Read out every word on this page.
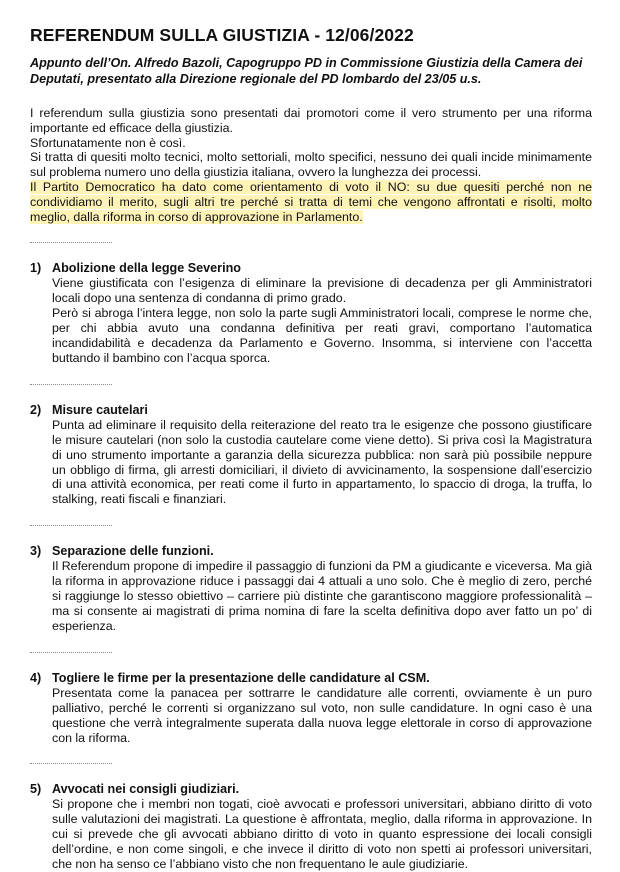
REFERENDUM SULLA GIUSTIZIA - 12/06/2022
Appunto dell’On. Alfredo Bazoli, Capogruppo PD in Commissione Giustizia della Camera dei Deputati, presentato alla Direzione regionale del PD lombardo del 23/05 u.s.

I referendum sulla giustizia sono presentati dai promotori come il vero strumento per una riforma importante ed efficace della giustizia.

Sfortunatamente non è così.

Si tratta di quesiti molto tecnici, molto settoriali, molto specifici, nessuno dei quali incide minimamente sul problema numero uno della giustizia italiana, ovvero la lunghezza dei processi.

Il Partito Democratico ha dato come orientamento di voto il NO: su due quesiti perché non ne condividiamo il merito, sugli altri tre perché si tratta di temi che vengono affrontati e risolti, molto meglio, dalla riforma in corso di approvazione in Parlamento.

1) Abolizione della legge Severino

Viene giustificata con l’esigenza di eliminare la previsione di decadenza per gli Amministratori locali dopo una sentenza di condanna di primo grado.

Però si abroga l’intera legge, non solo la parte sugli Amministratori locali, comprese le norme che, per chi abbia avuto una condanna definitiva per reati gravi, comportano l’automatica incandidabilità e decadenza da Parlamento e Governo. Insomma, si interviene con l’accetta buttando il bambino con l’acqua sporca.

2) Misure cautelari

Punta ad eliminare il requisito della reiterazione del reato tra le esigenze che possono giustificare le misure cautelari (non solo la custodia cautelare come viene detto). Si priva così la Magistratura di uno strumento importante a garanzia della sicurezza pubblica: non sarà più possibile neppure un obbligo di firma, gli arresti domiciliari, il divieto di avvicinamento, la sospensione dall’esercizio di una attività economica, per reati come il furto in appartamento, lo spaccio di droga, la truffa, lo stalking, reati fiscali e finanziari.

3) Separazione delle funzioni.

Il Referendum propone di impedire il passaggio di funzioni da PM a giudicante e viceversa. Ma già la riforma in approvazione riduce i passaggi dai 4 attuali a uno solo. Che è meglio di zero, perché si raggiunge lo stesso obiettivo – carriere più distinte che garantiscono maggiore professionalità – ma si consente ai magistrati di prima nomina di fare la scelta definitiva dopo aver fatto un po’ di esperienza.

4) Togliere le firme per la presentazione delle candidature al CSM.

Presentata come la panacea per sottrarre le candidature alle correnti, ovviamente è un puro palliativo, perché le correnti si organizzano sul voto, non sulle candidature. In ogni caso è una questione che verrà integralmente superata dalla nuova legge elettorale in corso di approvazione con la riforma.

5) Avvocati nei consigli giudiziari.

Si propone che i membri non togati, cioè avvocati e professori universitari, abbiano diritto di voto sulle valutazioni dei magistrati. La questione è affrontata, meglio, dalla riforma in approvazione. In cui si prevede che gli avvocati abbiano diritto di voto in quanto espressione dei locali consigli dell’ordine, e non come singoli, e che invece il diritto di voto non spetti ai professori universitari, che non ha senso ce l’abbiano visto che non frequentano le aule giudiziarie.
